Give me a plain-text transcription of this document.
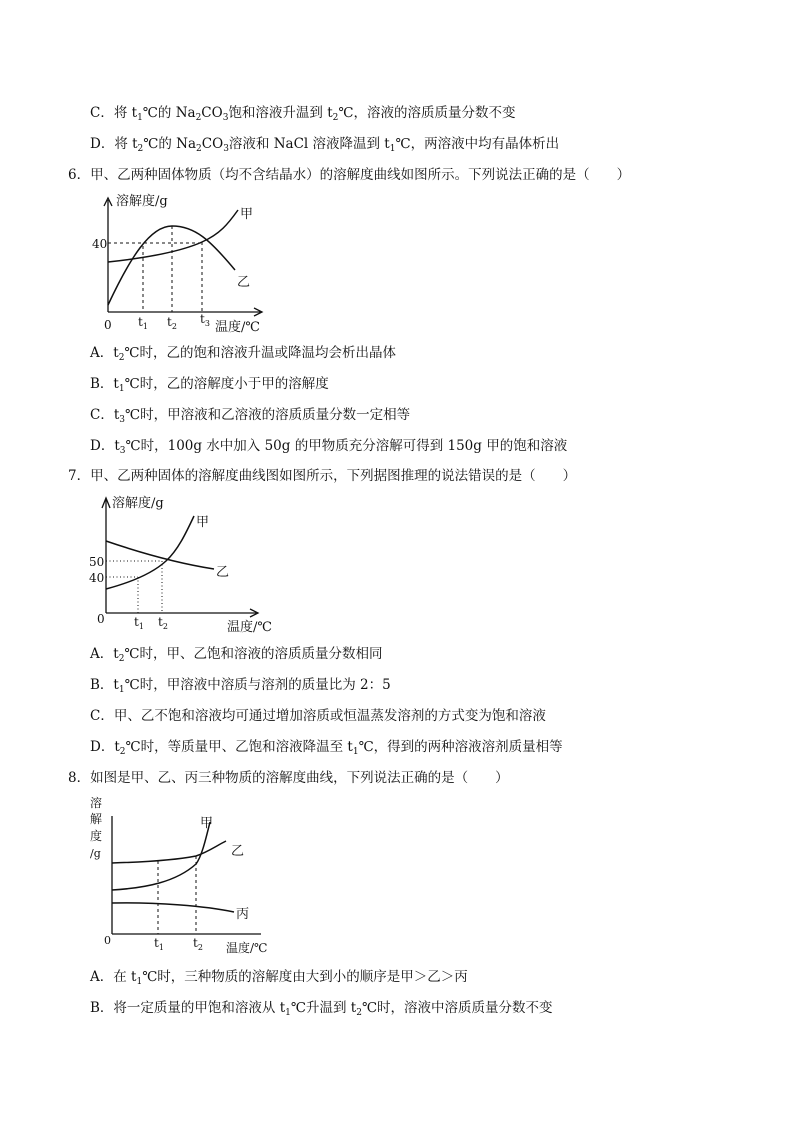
C．将 $t_1℃$的 $Na_2CO_3$饱和溶液升温到 $t_2℃$，溶液的溶质质量分数不变
D．将 $t_2℃$的 $Na_2CO_3$溶液和 NaCl 溶液降温到 $t_1℃$，两溶液中均有晶体析出
6．甲、乙两种固体物质（均不含结晶水）的溶解度曲线如图所示。下列说法正确的是（　　）
溶解度/g
0
40
$t_1$ $t_2$
$t_3$ 温度/℃
甲
乙
A．$t_2℃$时，乙的饱和溶液升温或降温均会析出晶体
B．$t_1℃$时，乙的溶解度小于甲的溶解度
C．$t_3℃$时，甲溶液和乙溶液的溶质质量分数一定相等
D．$t_3℃$时，100g 水中加入 50g 的甲物质充分溶解可得到 150g 甲的饱和溶液
7．甲、乙两种固体的溶解度曲线图如图所示，下列据图推理的说法错误的是（　　）
溶解度/g
0
50
40
$t_1$ $t_2$	温度/℃
甲
乙
A．$t_2℃$时，甲、乙饱和溶液的溶质质量分数相同
B．$t_1℃$时，甲溶液中溶质与溶剂的质量比为 2：5
C．甲、乙不饱和溶液均可通过增加溶质或恒温蒸发溶剂的方式变为饱和溶液
D．$t_2℃$时，等质量甲、乙饱和溶液降温至 $t_1℃$，得到的两种溶液溶剂质量相等
8．如图是甲、乙、丙三种物质的溶解度曲线，下列说法正确的是（　　）
溶
解
度
/g
0	$t_1$ $t_2$ 温度/℃
甲
乙
丙
A．在 $t_1℃$时，三种物质的溶解度由大到小的顺序是甲＞乙＞丙
B．将一定质量的甲饱和溶液从 $t_1℃$升温到 $t_2℃$时，溶液中溶质质量分数不变
